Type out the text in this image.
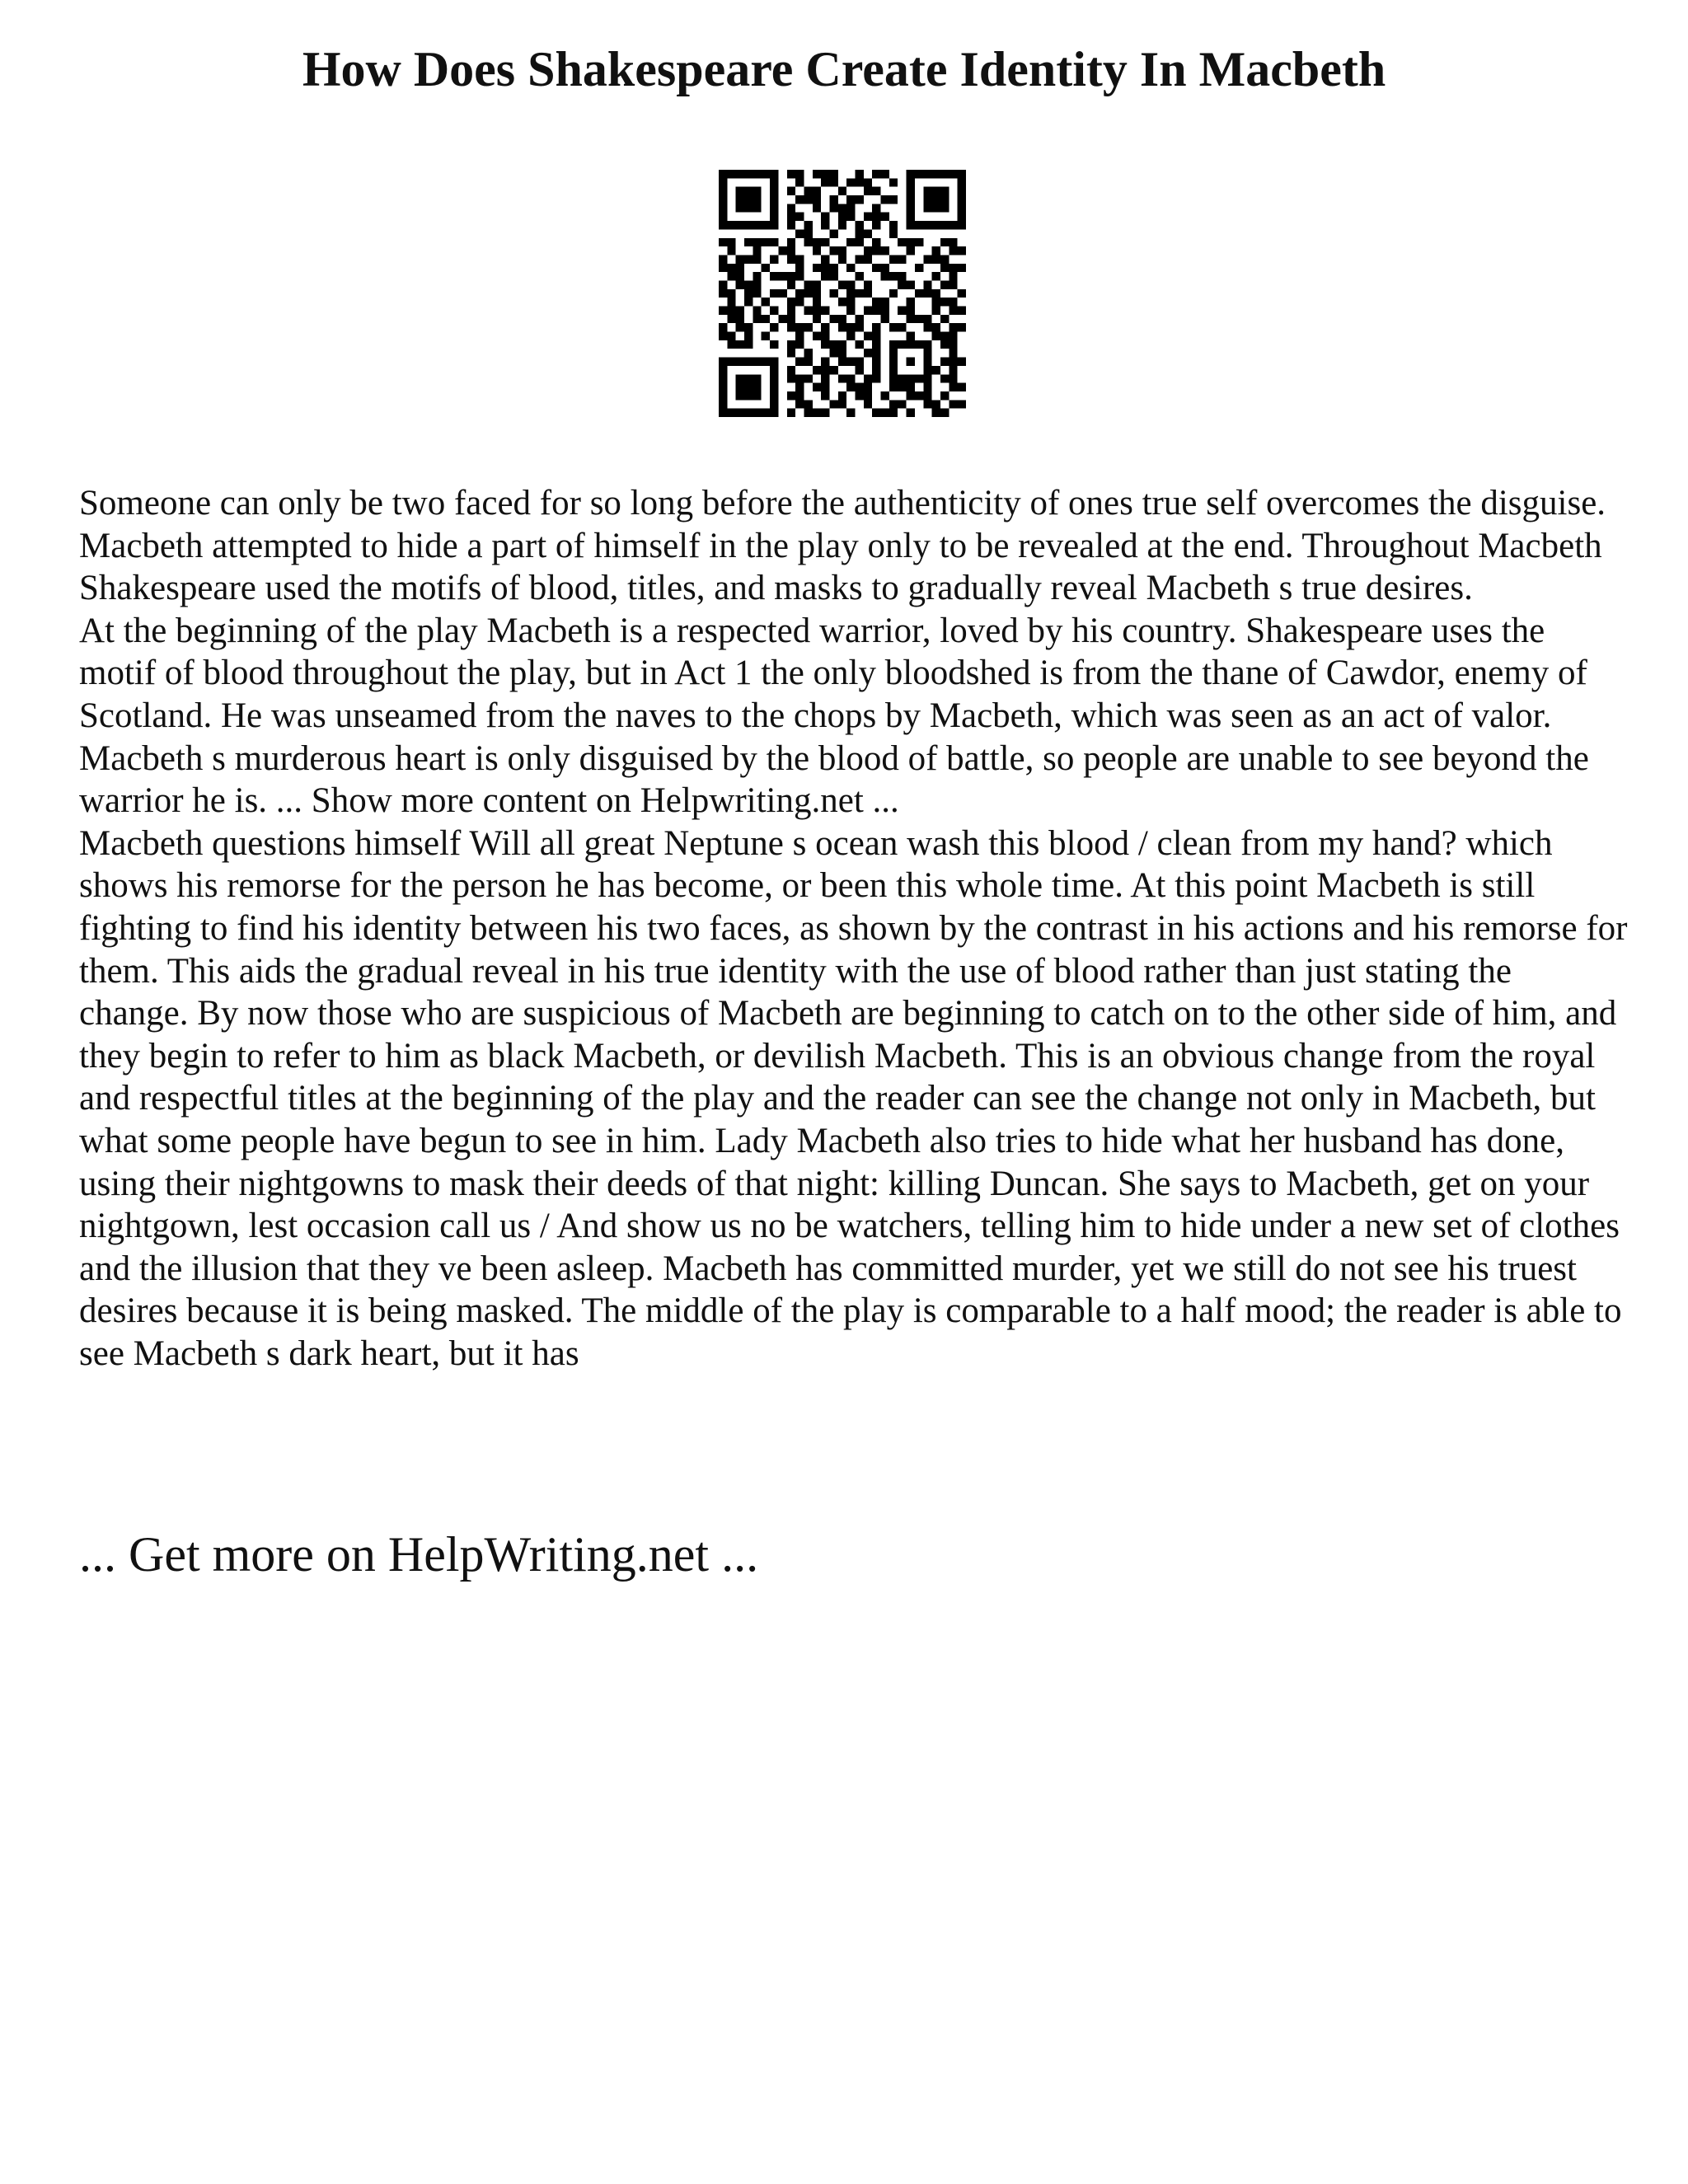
How Does Shakespeare Create Identity In Macbeth

Someone can only be two faced for so long before the authenticity of ones true self overcomes the disguise. Macbeth attempted to hide a part of himself in the play only to be revealed at the end. Throughout Macbeth Shakespeare used the motifs of blood, titles, and masks to gradually reveal Macbeth s true desires.

At the beginning of the play Macbeth is a respected warrior, loved by his country. Shakespeare uses the motif of blood throughout the play, but in Act 1 the only bloodshed is from the thane of Cawdor, enemy of Scotland. He was unseamed from the naves to the chops by Macbeth, which was seen as an act of valor. Macbeth s murderous heart is only disguised by the blood of battle, so people are unable to see beyond the warrior he is. ... Show more content on Helpwriting.net ...

Macbeth questions himself Will all great Neptune s ocean wash this blood / clean from my hand? which shows his remorse for the person he has become, or been this whole time. At this point Macbeth is still fighting to find his identity between his two faces, as shown by the contrast in his actions and his remorse for them. This aids the gradual reveal in his true identity with the use of blood rather than just stating the change. By now those who are suspicious of Macbeth are beginning to catch on to the other side of him, and they begin to refer to him as black Macbeth, or devilish Macbeth. This is an obvious change from the royal and respectful titles at the beginning of the play and the reader can see the change not only in Macbeth, but what some people have begun to see in him. Lady Macbeth also tries to hide what her husband has done, using their nightgowns to mask their deeds of that night: killing Duncan. She says to Macbeth, get on your nightgown, lest occasion call us / And show us no be watchers, telling him to hide under a new set of clothes and the illusion that they ve been asleep. Macbeth has committed murder, yet we still do not see his truest desires because it is being masked. The middle of the play is comparable to a half mood; the reader is able to see Macbeth s dark heart, but it has

... Get more on HelpWriting.net ...
